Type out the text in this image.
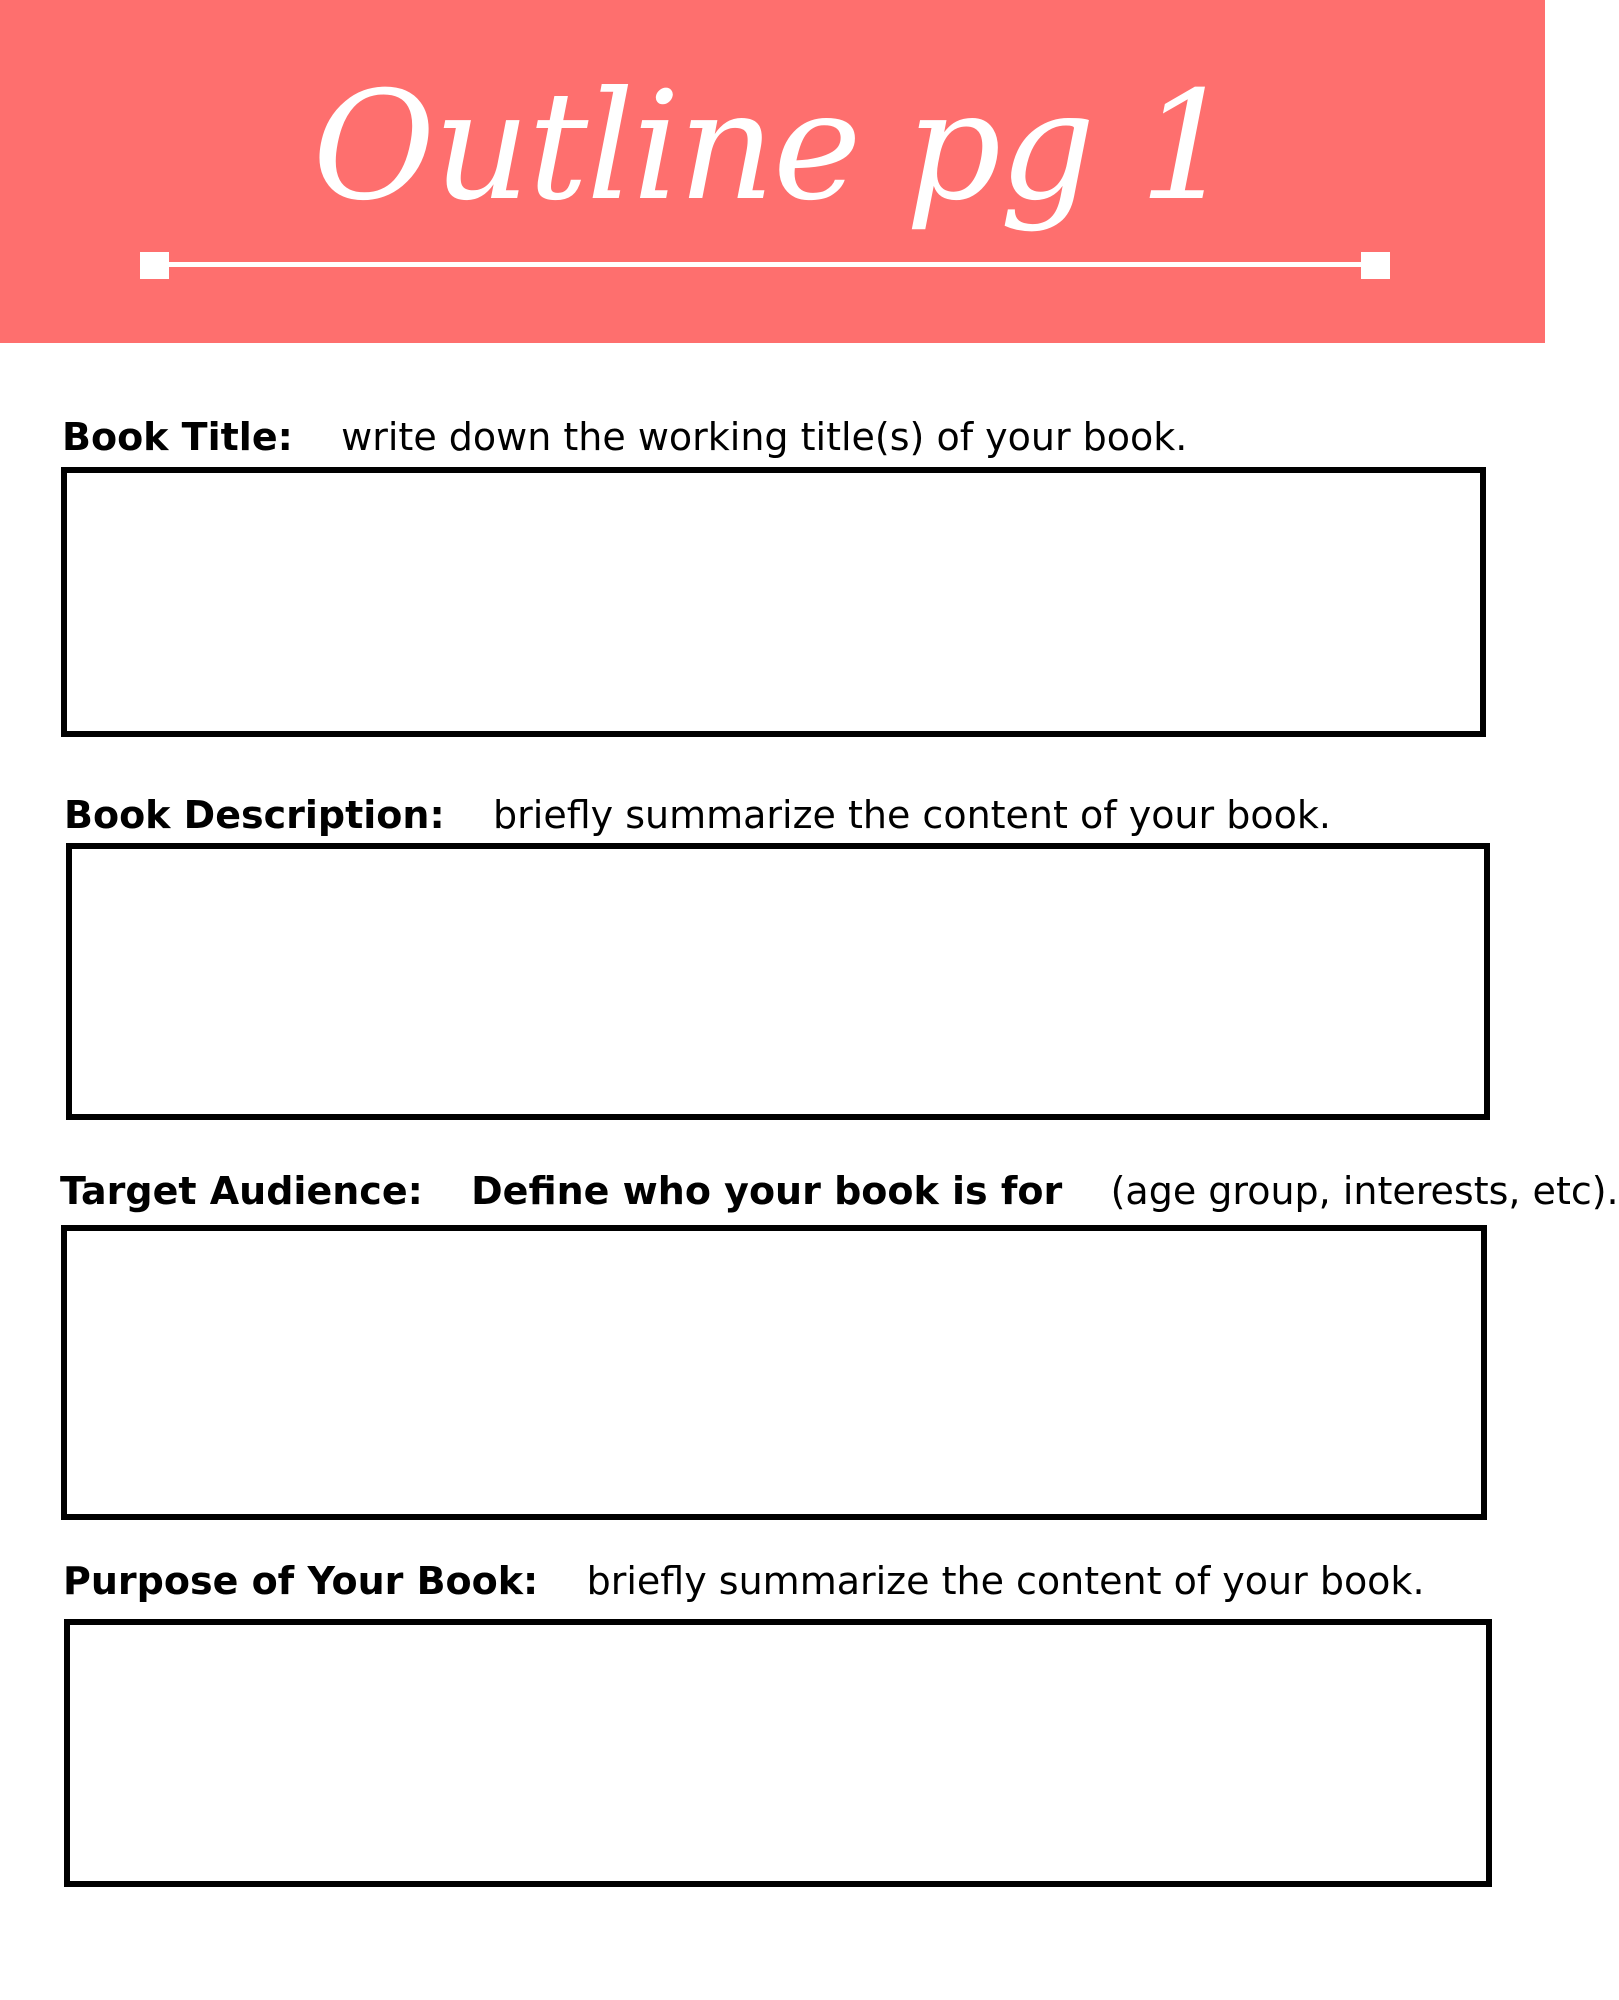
Outline pg 1
Book Title: write down the working title(s) of your book.
Book Description: briefly summarize the content of your book.
Target Audience: Define who your book is for (age group, interests, etc).
Purpose of Your Book: briefly summarize the content of your book.
